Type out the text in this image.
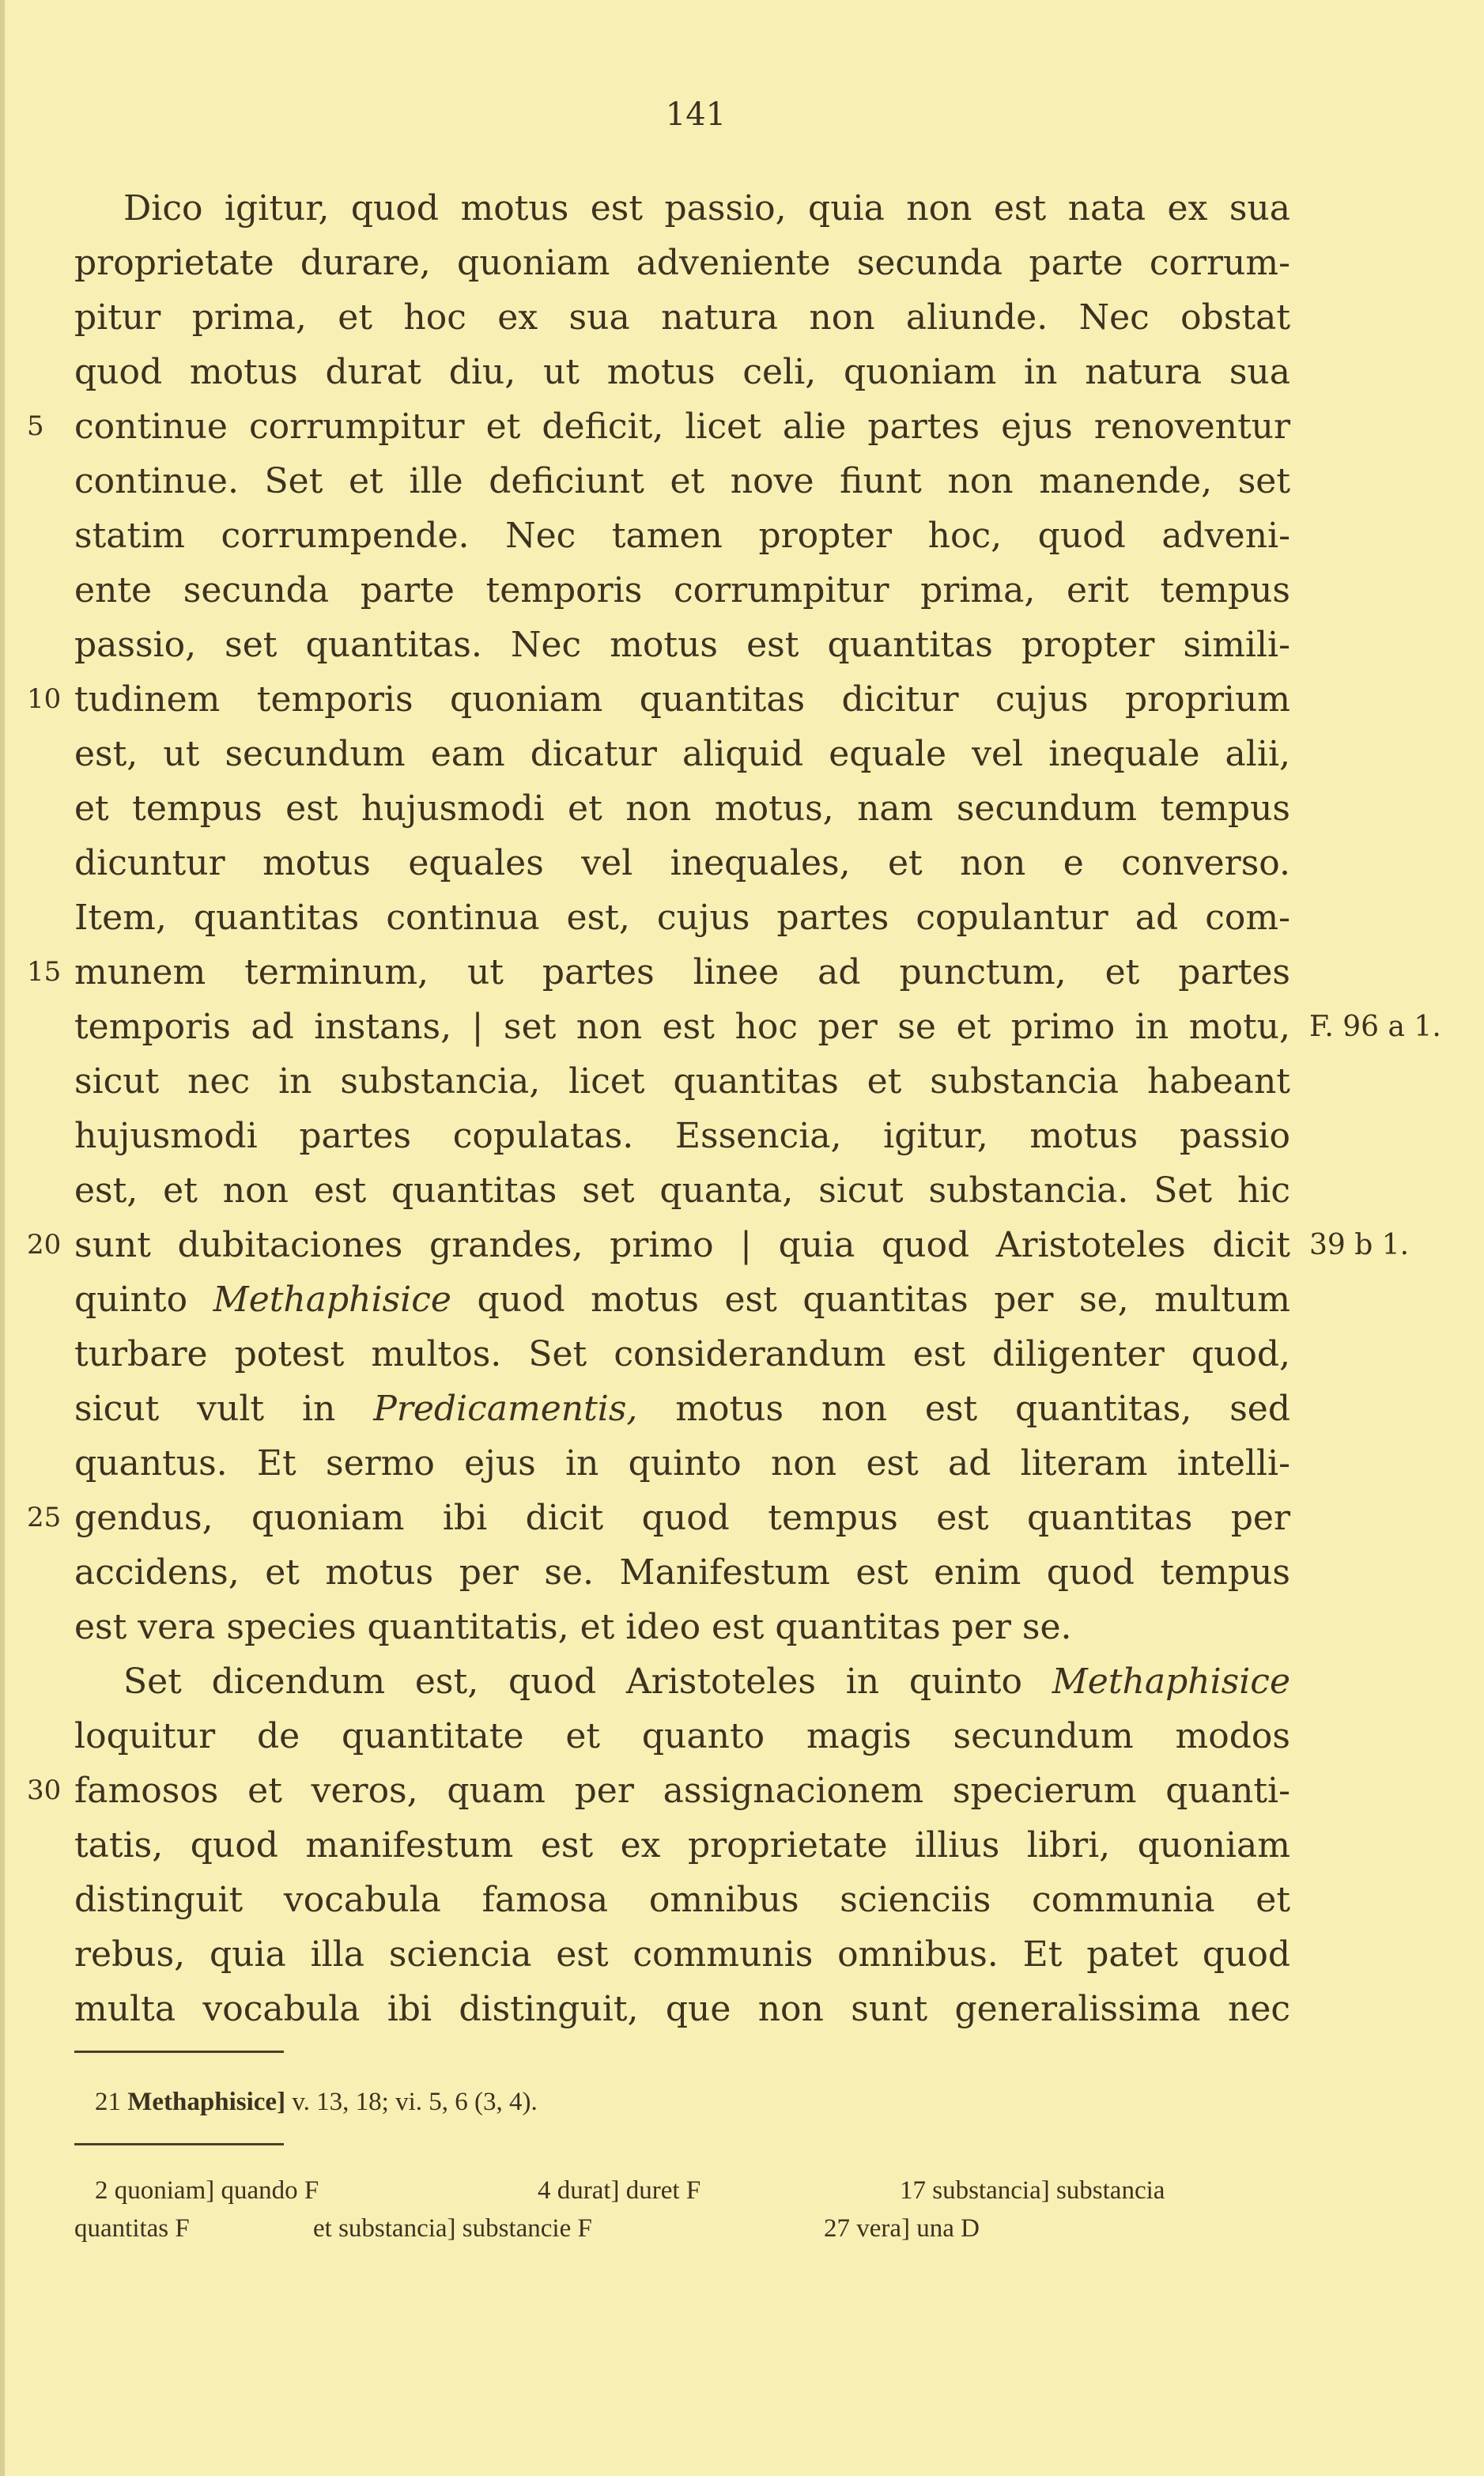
141
Dico igitur, quod motus est passio, quia non est nata ex sua
proprietate durare, quoniam adveniente secunda parte corrum-
pitur prima, et hoc ex sua natura non aliunde. Nec obstat
quod motus durat diu, ut motus celi, quoniam in natura sua
5 continue corrumpitur et deficit, licet alie partes ejus renoventur
continue. Set et ille deficiunt et nove fiunt non manende, set
statim corrumpende. Nec tamen propter hoc, quod adveni-
ente secunda parte temporis corrumpitur prima, erit tempus
passio, set quantitas. Nec motus est quantitas propter simili-
10 tudinem temporis quoniam quantitas dicitur cujus proprium
est, ut secundum eam dicatur aliquid equale vel inequale alii,
et tempus est hujusmodi et non motus, nam secundum tempus
dicuntur motus equales vel inequales, et non e converso.
Item, quantitas continua est, cujus partes copulantur ad com-
15 munem terminum, ut partes linee ad punctum, et partes
temporis ad instans, | set non est hoc per se et primo in motu, F. 96 a 1.
sicut nec in substancia, licet quantitas et substancia habeant
hujusmodi partes copulatas. Essencia, igitur, motus passio
est, et non est quantitas set quanta, sicut substancia. Set hic
20 sunt dubitaciones grandes, primo | quia quod Aristoteles dicit 39 b 1.
quinto Methaphisice quod motus est quantitas per se, multum
turbare potest multos. Set considerandum est diligenter quod,
sicut vult in Predicamentis, motus non est quantitas, sed
quantus. Et sermo ejus in quinto non est ad literam intelli-
25 gendus, quoniam ibi dicit quod tempus est quantitas per
accidens, et motus per se. Manifestum est enim quod tempus
est vera species quantitatis, et ideo est quantitas per se.
Set dicendum est, quod Aristoteles in quinto Methaphisice
loquitur de quantitate et quanto magis secundum modos
30 famosos et veros, quam per assignacionem specierum quanti-
tatis, quod manifestum est ex proprietate illius libri, quoniam
distinguit vocabula famosa omnibus scienciis communia et
rebus, quia illa sciencia est communis omnibus. Et patet quod
multa vocabula ibi distinguit, que non sunt generalissima nec
21 Methaphisice] v. 13, 18; vi. 5, 6 (3, 4).
2 quoniam] quando F	4 durat] duret F	17 substancia] substancia
quantitas F	et substancia] substancie F	27 vera] una D
